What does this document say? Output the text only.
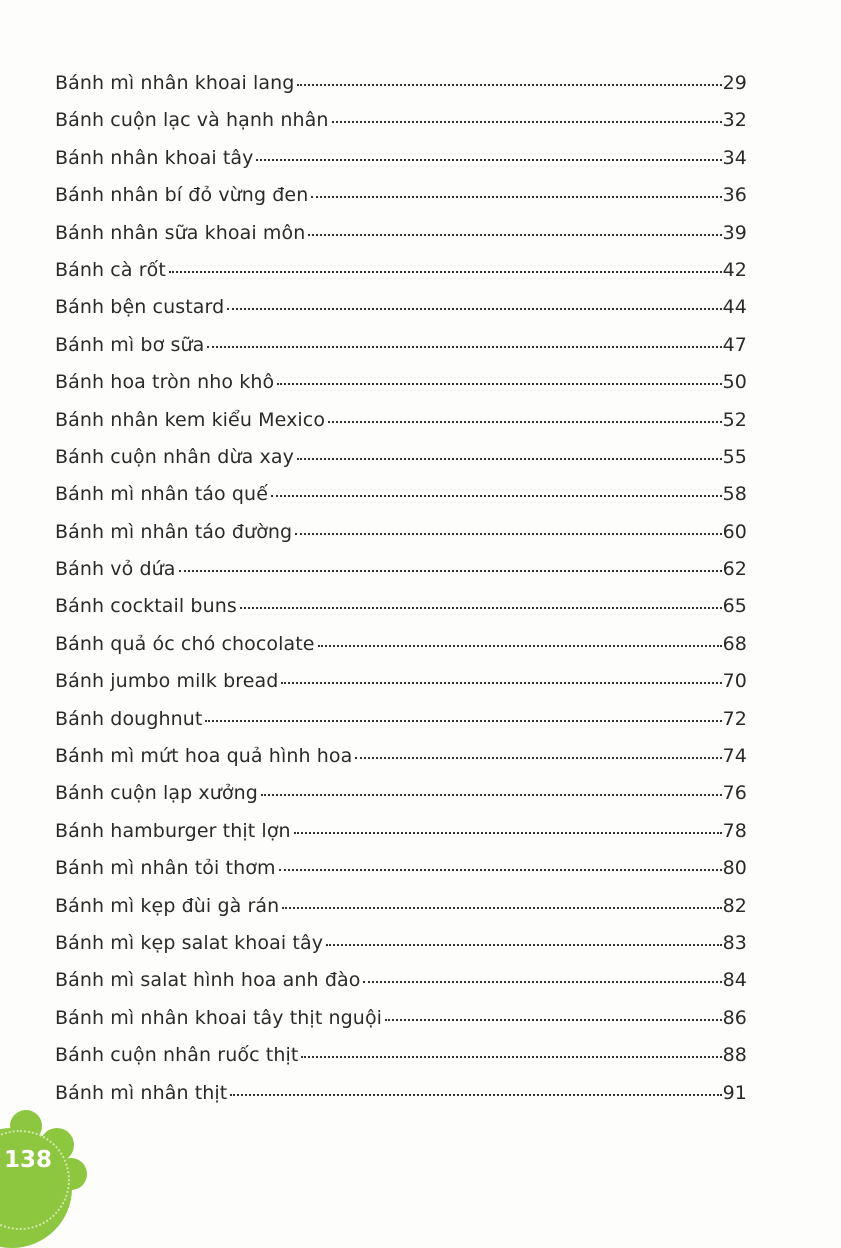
Bánh mì nhân khoai lang	29
Bánh cuộn lạc và hạnh nhân	32
Bánh nhân khoai tây	34
Bánh nhân bí đỏ vừng đen	36
Bánh nhân sữa khoai môn	39
Bánh cà rốt	42
Bánh bện custard	44
Bánh mì bơ sữa	47
Bánh hoa tròn nho khô	50
Bánh nhân kem kiểu Mexico	52
Bánh cuộn nhân dừa xay	55
Bánh mì nhân táo quế	58
Bánh mì nhân táo đường	60
Bánh vỏ dứa	62
Bánh cocktail buns	65
Bánh quả óc chó chocolate	68
Bánh jumbo milk bread	70
Bánh doughnut	72
Bánh mì mứt hoa quả hình hoa	74
Bánh cuộn lạp xưởng	76
Bánh hamburger thịt lợn	78
Bánh mì nhân tỏi thơm	80
Bánh mì kẹp đùi gà rán	82
Bánh mì kẹp salat khoai tây	83
Bánh mì salat hình hoa anh đào	84
Bánh mì nhân khoai tây thịt nguội	86
Bánh cuộn nhân ruốc thịt	88
Bánh mì nhân thịt	91
138
